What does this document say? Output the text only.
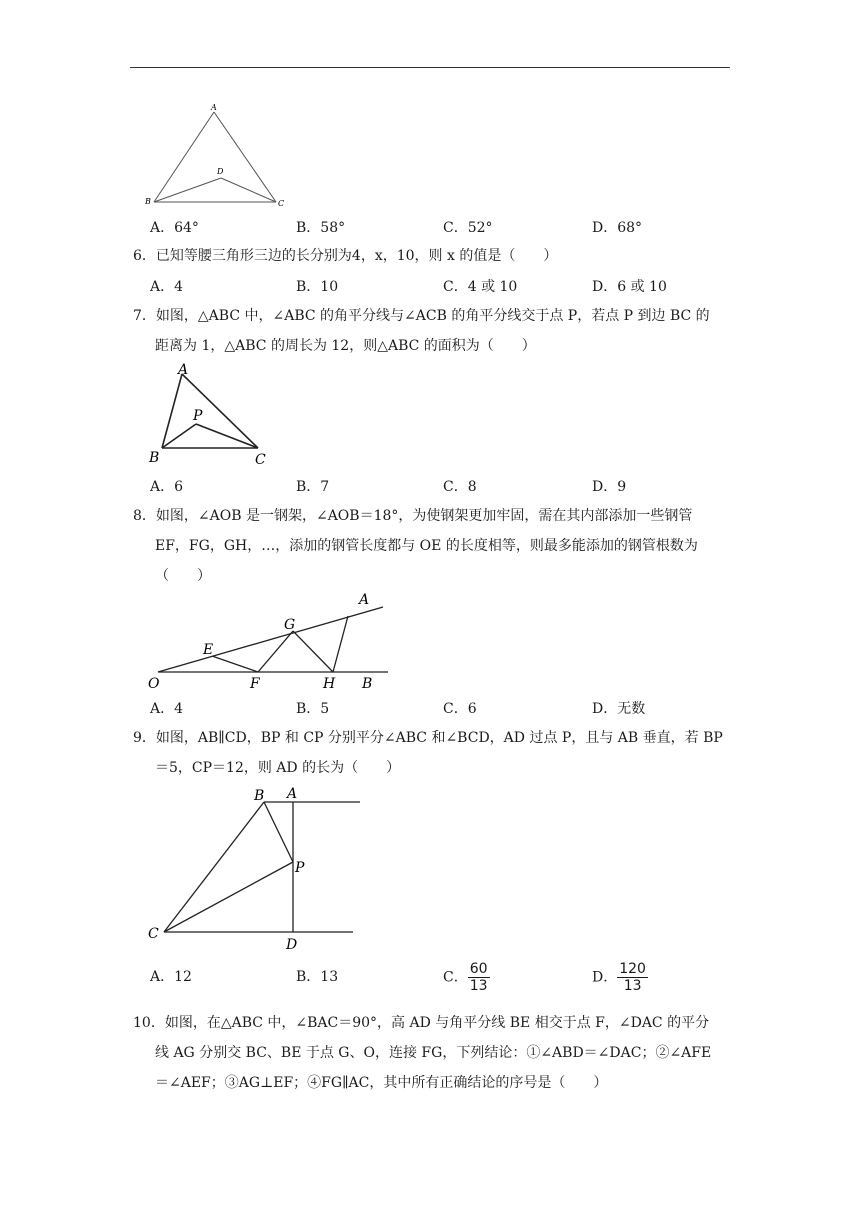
A
B	C
D
A．64°	B．58°	C．52°	D．68°
6．已知等腰三角形三边的长分别为4，x，10，则 x 的值是（　　）
A．4	B．10	C．4 或 10	D．6 或 10
7．如图，△ABC 中，∠ABC 的角平分线与∠ACB 的角平分线交于点 P，若点 P 到边 BC 的
距离为 1，△ABC 的周长为 12，则△ABC 的面积为（　　）
A
B	C
P
A．6	B．7	C．8	D．9
8．如图，∠AOB 是一钢架，∠AOB＝18°，为使钢架更加牢固，需在其内部添加一些钢管
EF，FG，GH，…，添加的钢管长度都与 OE 的长度相等，则最多能添加的钢管根数为
（　　）
O
E
F
G
H B
A
A．4	B．5	C．6	D．无数
9．如图，AB∥CD，BP 和 CP 分别平分∠ABC 和∠BCD，AD 过点 P，且与 AB 垂直，若 BP
＝5，CP＝12，则 AD 的长为（　　）
B A
P
C
D
A．12	B．13	C． $\frac{60}{13}$	D． $\frac{120}{13}$
10．如图，在△ABC 中，∠BAC＝90°，高 AD 与角平分线 BE 相交于点 F，∠DAC 的平分
线 AG 分别交 BC、BE 于点 G、O，连接 FG，下列结论：①∠ABD＝∠DAC；②∠AFE
＝∠AEF；③AG⊥EF；④FG∥AC，其中所有正确结论的序号是（　　）
